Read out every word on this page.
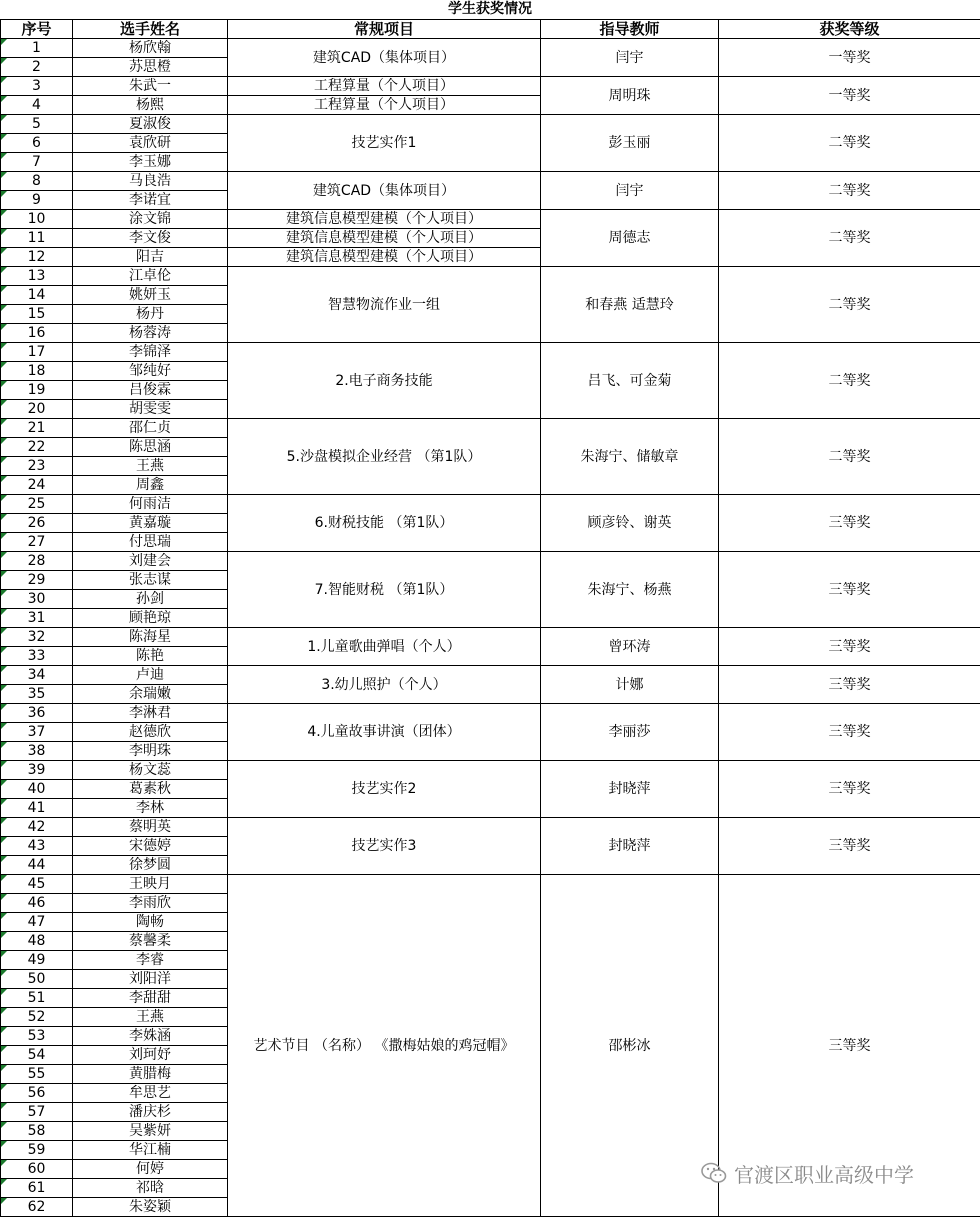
学生获奖情况
序号	选手姓名	常规项目	指导教师	获奖等级
1	杨欣翰	建筑CAD（集体项目）	闫宇	一等奖
2	苏思橙			
3	朱武一	工程算量（个人项目）	周明珠	一等奖
4	杨熙	工程算量（个人项目）		
5	夏淑俊	技艺实作1	彭玉丽	二等奖
6	袁欣研			
7	李玉娜			
8	马良浩	建筑CAD（集体项目）	闫宇	二等奖
9	李诺宜			
10	涂文锦	建筑信息模型建模（个人项目）	周德志	二等奖
11	李文俊	建筑信息模型建模（个人项目）		
12	阳吉	建筑信息模型建模（个人项目）		
13	江卓伦	智慧物流作业一组	和春燕 适慧玲	二等奖
14	姚妍玉			
15	杨丹			
16	杨蓉涛			
17	李锦泽	2.电子商务技能	吕飞、可金菊	二等奖
18	邹纯好			
19	吕俊霖			
20	胡雯雯			
21	邵仁贞	5.沙盘模拟企业经营 （第1队）	朱海宁、储敏章	二等奖
22	陈思涵			
23	王燕			
24	周鑫			
25	何雨洁	6.财税技能 （第1队）	顾彦铃、谢英	三等奖
26	黄嘉璇			
27	付思瑞			
28	刘建会	7.智能财税 （第1队）	朱海宁、杨燕	三等奖
29	张志谋			
30	孙剑			
31	顾艳琼			
32	陈海星	1.儿童歌曲弹唱（个人）	曾环涛	三等奖
33	陈艳			
34	卢迪	3.幼儿照护（个人）	计娜	三等奖
35	余瑞嫩			
36	李淋君	4.儿童故事讲演（团体）	李丽莎	三等奖
37	赵德欣			
38	李明珠			
39	杨文蕊	技艺实作2	封晓萍	三等奖
40	葛素秋			
41	李林			
42	蔡明英	技艺实作3	封晓萍	三等奖
43	宋德婷			
44	徐梦圆			
45	王映月	艺术节目 （名称） 《撒梅姑娘的鸡冠帽》	邵彬冰	三等奖
46	李雨欣			
47	陶畅			
48	蔡馨柔			
49	李睿			
50	刘阳洋			
51	李甜甜			
52	王燕			
53	李姝涵			
54	刘珂妤			
55	黄腊梅			
56	牟思艺			
57	潘庆杉			
58	吴紫妍			
59	华江楠			
60	何婷			
61	祁晗			
62	朱姿颖			
官渡区职业高级中学
